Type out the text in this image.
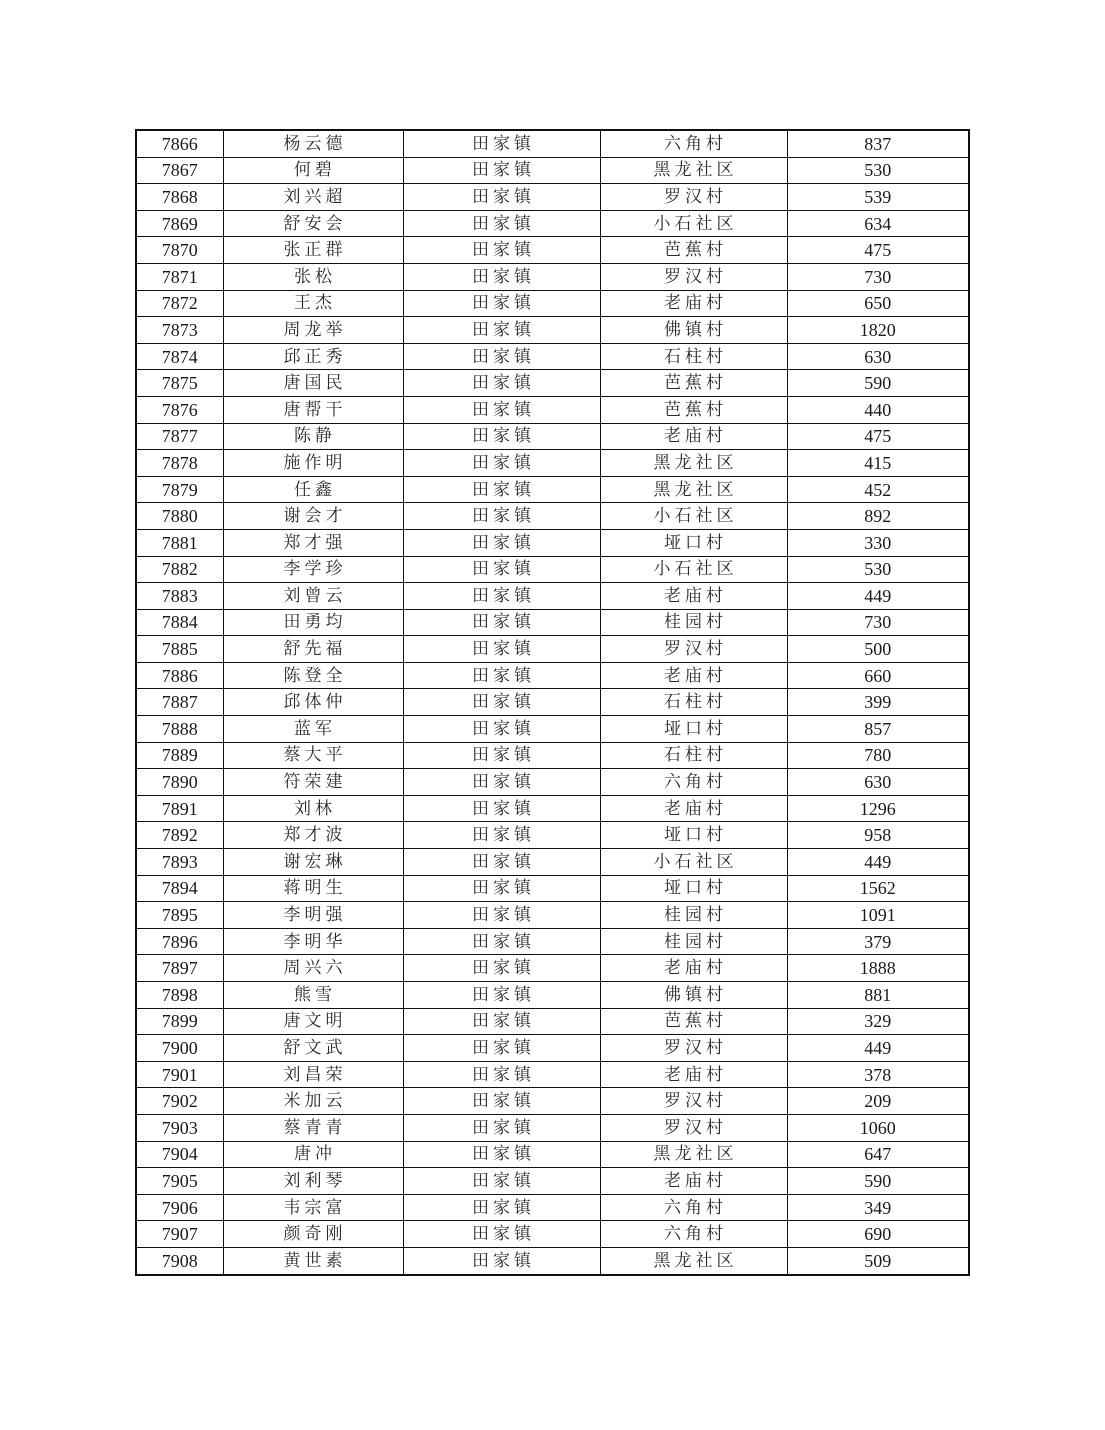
7866	杨云德	田家镇	六角村	837
7867	何碧	田家镇	黑龙社区	530
7868	刘兴超	田家镇	罗汉村	539
7869	舒安会	田家镇	小石社区	634
7870	张正群	田家镇	芭蕉村	475
7871	张松	田家镇	罗汉村	730
7872	王杰	田家镇	老庙村	650
7873	周龙举	田家镇	佛镇村	1820
7874	邱正秀	田家镇	石柱村	630
7875	唐国民	田家镇	芭蕉村	590
7876	唐帮干	田家镇	芭蕉村	440
7877	陈静	田家镇	老庙村	475
7878	施作明	田家镇	黑龙社区	415
7879	任鑫	田家镇	黑龙社区	452
7880	谢会才	田家镇	小石社区	892
7881	郑才强	田家镇	垭口村	330
7882	李学珍	田家镇	小石社区	530
7883	刘曾云	田家镇	老庙村	449
7884	田勇均	田家镇	桂园村	730
7885	舒先福	田家镇	罗汉村	500
7886	陈登全	田家镇	老庙村	660
7887	邱体仲	田家镇	石柱村	399
7888	蓝军	田家镇	垭口村	857
7889	蔡大平	田家镇	石柱村	780
7890	符荣建	田家镇	六角村	630
7891	刘林	田家镇	老庙村	1296
7892	郑才波	田家镇	垭口村	958
7893	谢宏琳	田家镇	小石社区	449
7894	蒋明生	田家镇	垭口村	1562
7895	李明强	田家镇	桂园村	1091
7896	李明华	田家镇	桂园村	379
7897	周兴六	田家镇	老庙村	1888
7898	熊雪	田家镇	佛镇村	881
7899	唐文明	田家镇	芭蕉村	329
7900	舒文武	田家镇	罗汉村	449
7901	刘昌荣	田家镇	老庙村	378
7902	米加云	田家镇	罗汉村	209
7903	蔡青青	田家镇	罗汉村	1060
7904	唐冲	田家镇	黑龙社区	647
7905	刘利琴	田家镇	老庙村	590
7906	韦宗富	田家镇	六角村	349
7907	颜奇刚	田家镇	六角村	690
7908	黄世素	田家镇	黑龙社区	509
